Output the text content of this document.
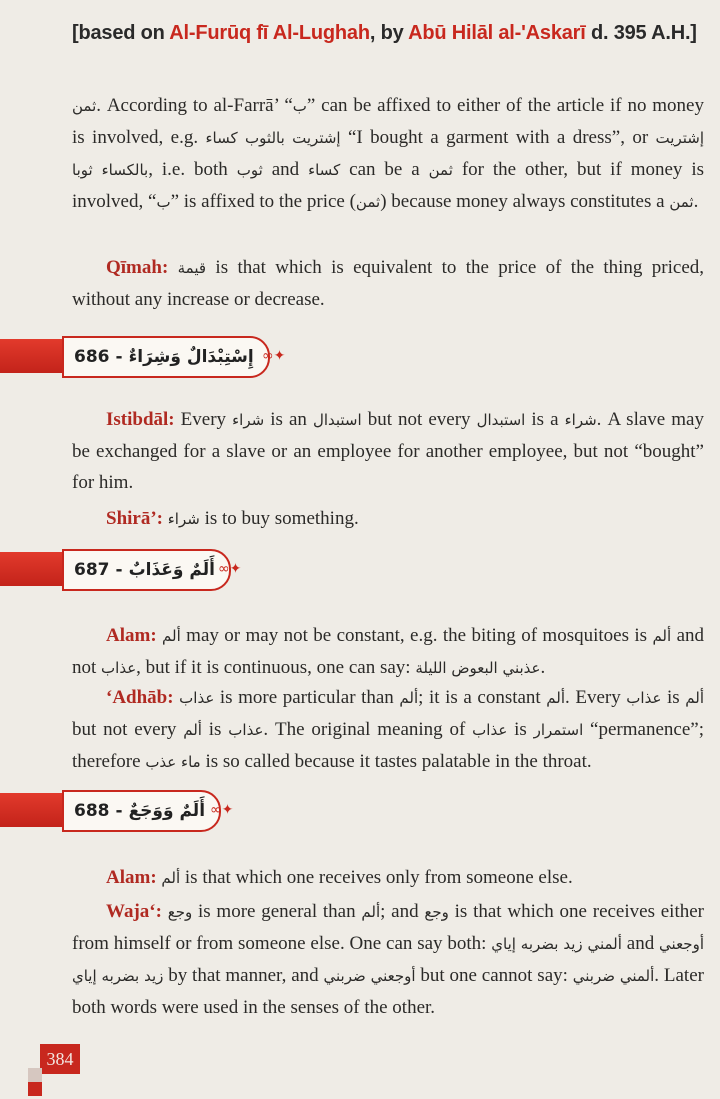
[based on Al-Furūq fī Al-Lughah, by Abū Hilāl al-'Askarī d. 395 A.H.]
ثمن. According to al-Farrā’ “ب” can be affixed to either of the article if no money is involved, e.g. إشتريت بالثوب كساء “I bought a garment with a dress”, or إشتريت بالكساء ثوبا, i.e. both ثوب and كساء can be a ثمن for the other, but if money is involved, “ب” is affixed to the price (ثمن) because money always constitutes a ثمن.
Qīmah: قيمة is that which is equivalent to the price of the thing priced, without any increase or decrease.
686 - إِسْتِبْدَالٌ وَشِرَاءٌ ∞✦
Istibdāl: Every شراء is an استبدال but not every استبدال is a شراء. A slave may be exchanged for a slave or an employee for another employee, but not “bought” for him.
Shirā’: شراء is to buy something.
687 - أَلَمٌ وَعَذَابٌ ∞✦
Alam: ألم may or may not be constant, e.g. the biting of mosquitoes is ألم and not عذاب, but if it is continuous, one can say: عذبني البعوض الليلة.
‘Adhāb: عذاب is more particular than ألم; it is a constant ألم. Every عذاب is ألم but not every ألم is عذاب. The original meaning of عذاب is استمرار “permanence”; therefore ماء عذب is so called because it tastes palatable in the throat.
688 - أَلَمٌ وَوَجَعٌ ∞✦
Alam: ألم is that which one receives only from someone else.
Waja‘: وجع is more general than ألم; and وجع is that which one receives either from himself or from someone else. One can say both: ألمني زيد بضربه إياي and أوجعني زيد بضربه إياي by that manner, and أوجعني ضربني but one cannot say: ألمني ضربني. Later both words were used in the senses of the other.
384
